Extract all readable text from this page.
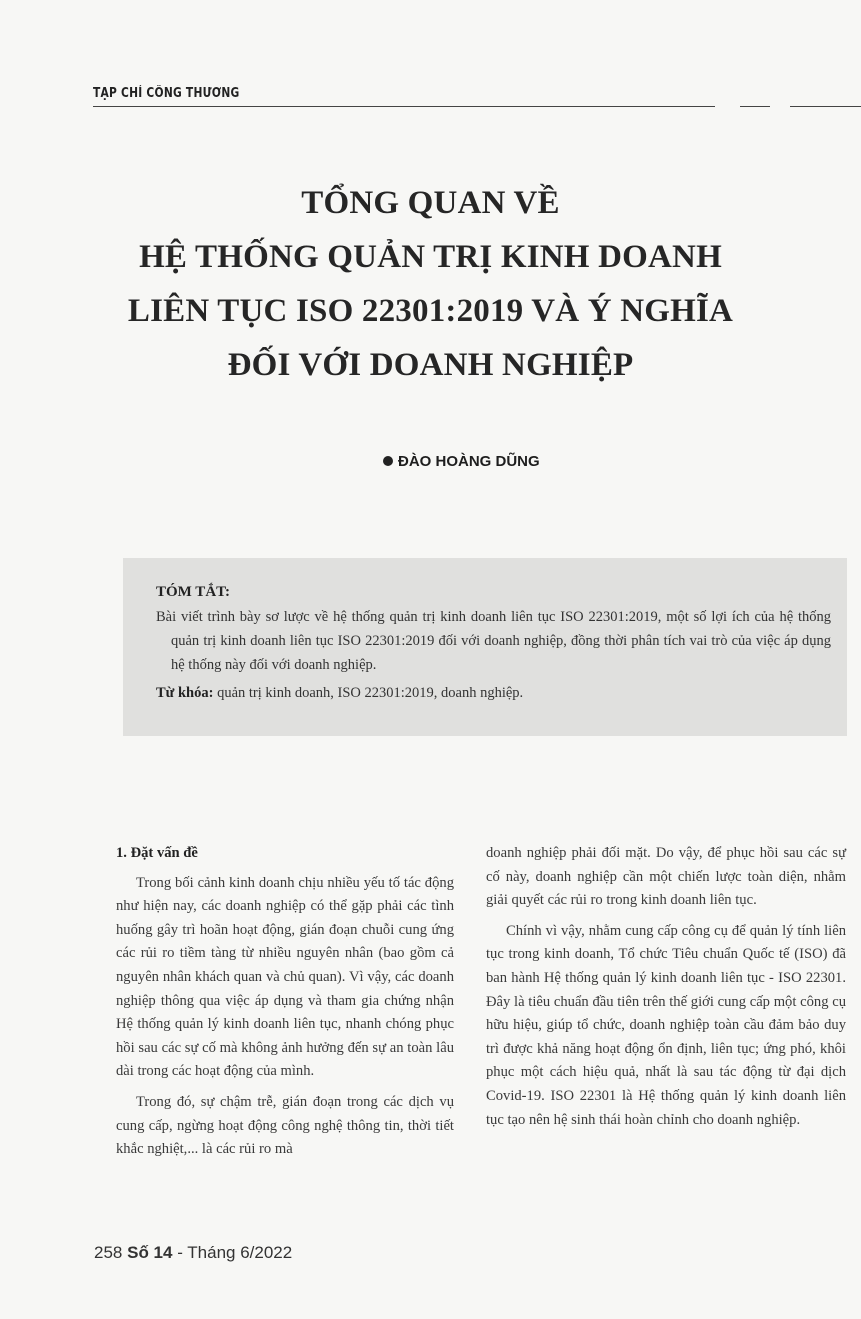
TẠP CHÍ CÔNG THƯƠNG
TỔNG QUAN VỀ
HỆ THỐNG QUẢN TRỊ KINH DOANH
LIÊN TỤC ISO 22301:2019 VÀ Ý NGHĨA
ĐỐI VỚI DOANH NGHIỆP
ĐÀO HOÀNG DŨNG
TÓM TẮT:
Bài viết trình bày sơ lược về hệ thống quản trị kinh doanh liên tục ISO 22301:2019, một số lợi ích của hệ thống quản trị kinh doanh liên tục ISO 22301:2019 đối với doanh nghiệp, đồng thời phân tích vai trò của việc áp dụng hệ thống này đối với doanh nghiệp.
Từ khóa: quản trị kinh doanh, ISO 22301:2019, doanh nghiệp.

1. Đặt vấn đề

Trong bối cảnh kinh doanh chịu nhiều yếu tố tác động như hiện nay, các doanh nghiệp có thể gặp phải các tình huống gây trì hoãn hoạt động, gián đoạn chuỗi cung ứng các rủi ro tiềm tàng từ nhiều nguyên nhân (bao gồm cả nguyên nhân khách quan và chủ quan). Vì vậy, các doanh nghiệp thông qua việc áp dụng và tham gia chứng nhận Hệ thống quản lý kinh doanh liên tục, nhanh chóng phục hồi sau các sự cố mà không ảnh hưởng đến sự an toàn lâu dài trong các hoạt động của mình.

Trong đó, sự chậm trễ, gián đoạn trong các dịch vụ cung cấp, ngừng hoạt động công nghệ thông tin, thời tiết khắc nghiệt,... là các rủi ro mà

doanh nghiệp phải đối mặt. Do vậy, để phục hồi sau các sự cố này, doanh nghiệp cần một chiến lược toàn diện, nhằm giải quyết các rủi ro trong kinh doanh liên tục.

Chính vì vậy, nhằm cung cấp công cụ để quản lý tính liên tục trong kinh doanh, Tổ chức Tiêu chuẩn Quốc tế (ISO) đã ban hành Hệ thống quản lý kinh doanh liên tục - ISO 22301. Đây là tiêu chuẩn đầu tiên trên thế giới cung cấp một công cụ hữu hiệu, giúp tổ chức, doanh nghiệp toàn cầu đảm bảo duy trì được khả năng hoạt động ổn định, liên tục; ứng phó, khôi phục một cách hiệu quả, nhất là sau tác động từ đại dịch Covid-19. ISO 22301 là Hệ thống quản lý kinh doanh liên tục tạo nên hệ sinh thái hoàn chỉnh cho doanh nghiệp.

258 Số 14 - Tháng 6/2022
